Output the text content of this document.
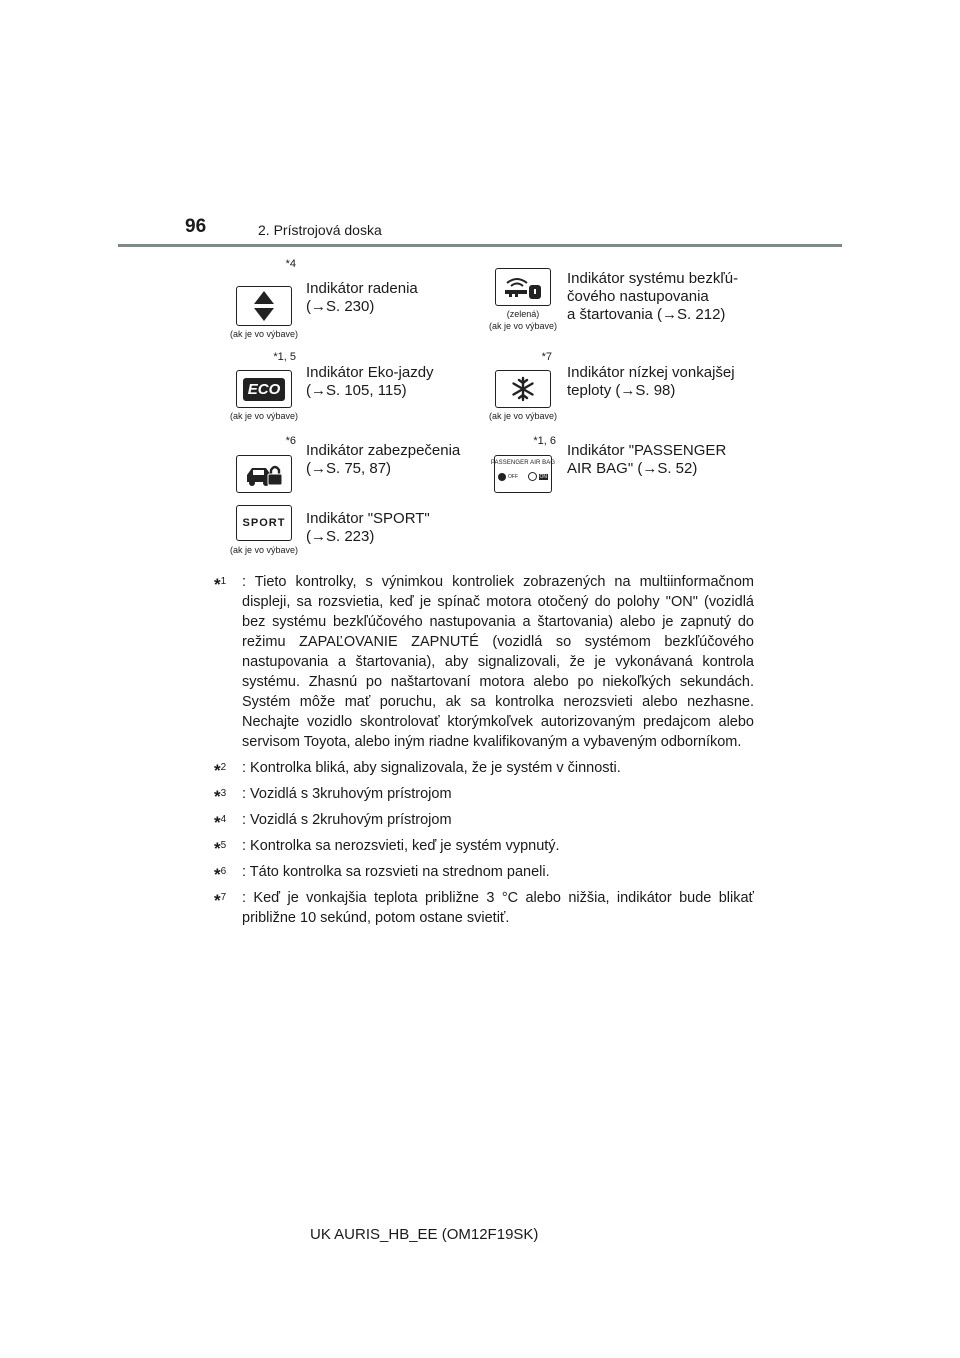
96	2. Prístrojová doska
*4
(ak je vo výbave)
Indikátor radenia
(→S. 230)	(zelená)
(ak je vo výbave)
Indikátor systému bezkľú-
čového nastupovania
a štartovania (→S. 212)
*1, 5
ECO
(ak je vo výbave)
Indikátor Eko-jazdy
(→S. 105, 115)
*7
(ak je vo výbave)
Indikátor nízkej vonkajšej
teploty (→S. 98)
*6
Indikátor zabezpečenia
(→S. 75, 87)
*1, 6
PASSENGER AIR BAG
OFF	ON
Indikátor "PASSENGER
AIR BAG" (→S. 52)
SPORT
(ak je vo výbave)
Indikátor "SPORT"
(→S. 223)
*$^1$ : Tieto kontrolky, s výnimkou kontroliek zobrazených na multiinformačnom displeji, sa rozsvietia, keď je spínač motora otočený do polohy "ON" (vozidlá bez systému bezkľúčového nastupovania a štartovania) alebo je zapnutý do režimu ZAPAĽOVANIE ZAPNUTÉ (vozidlá so systémom bezkľúčového nastupovania a štartovania), aby signalizovali, že je vykonávaná kontrola systému. Zhasnú po naštartovaní motora alebo po niekoľkých sekundách. Systém môže mať poruchu, ak sa kontrolka nerozsvieti alebo nezhasne. Nechajte vozidlo skontrolovať ktorýmkoľvek autorizovaným predajcom alebo servisom Toyota, alebo iným riadne kvalifikovaným a vybaveným odborníkom.
*$^2$ : Kontrolka bliká, aby signalizovala, že je systém v činnosti.
*$^3$ : Vozidlá s 3kruhovým prístrojom
*$^4$ : Vozidlá s 2kruhovým prístrojom
*$^5$ : Kontrolka sa nerozsvieti, keď je systém vypnutý.
*$^6$ : Táto kontrolka sa rozsvieti na strednom paneli.
*$^7$ : Keď je vonkajšia teplota približne 3 °C alebo nižšia, indikátor bude blikať približne 10 sekúnd, potom ostane svietiť.
UK AURIS_HB_EE (OM12F19SK)
